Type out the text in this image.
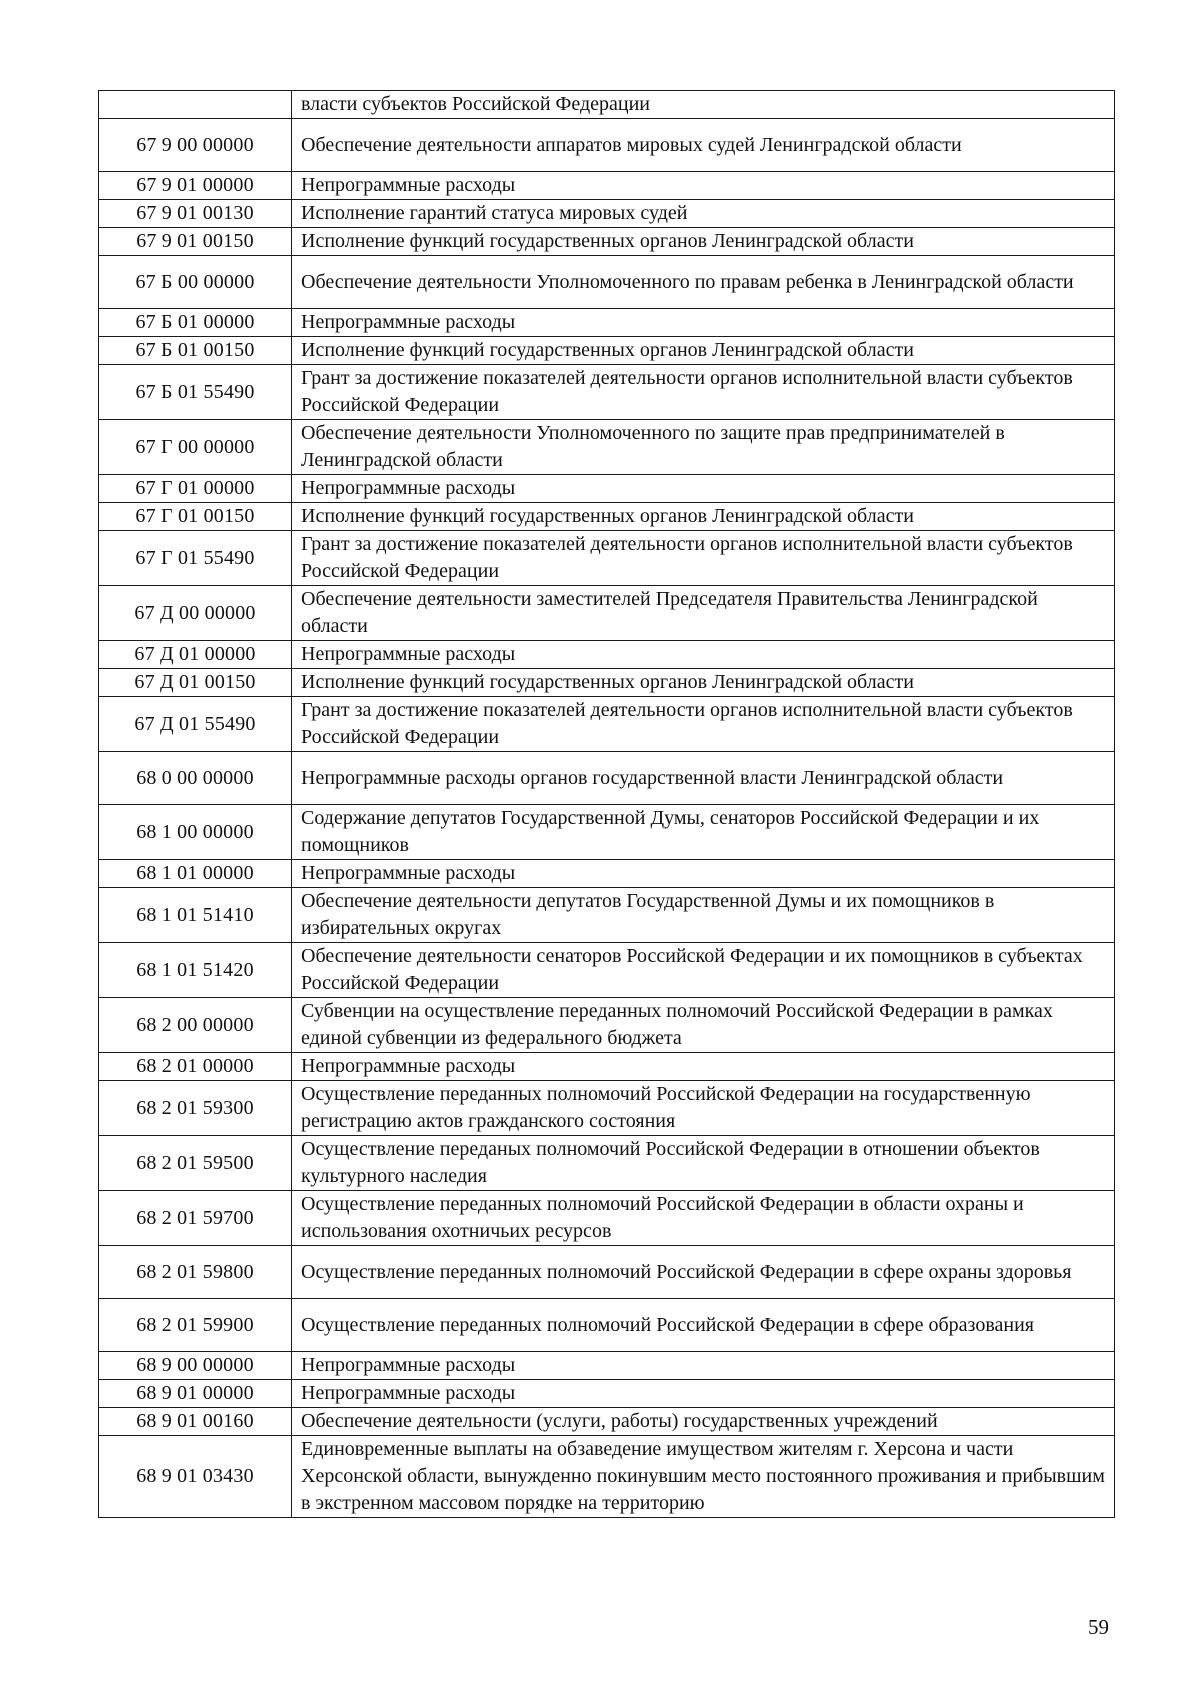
	власти субъектов Российской Федерации
67 9 00 00000	Обеспечение деятельности аппаратов мировых судей Ленинградской области
67 9 01 00000	Непрограммные расходы
67 9 01 00130	Исполнение гарантий статуса мировых судей
67 9 01 00150	Исполнение функций государственных органов Ленинградской области
67 Б 00 00000	Обеспечение деятельности Уполномоченного по правам ребенка в Ленинградской области
67 Б 01 00000	Непрограммные расходы
67 Б 01 00150	Исполнение функций государственных органов Ленинградской области
67 Б 01 55490	Грант за достижение показателей деятельности органов исполнительной власти субъектов Российской Федерации
67 Г 00 00000	Обеспечение деятельности Уполномоченного по защите прав предпринимателей в Ленинградской области
67 Г 01 00000	Непрограммные расходы
67 Г 01 00150	Исполнение функций государственных органов Ленинградской области
67 Г 01 55490	Грант за достижение показателей деятельности органов исполнительной власти субъектов Российской Федерации
67 Д 00 00000	Обеспечение деятельности заместителей Председателя Правительства Ленинградской области
67 Д 01 00000	Непрограммные расходы
67 Д 01 00150	Исполнение функций государственных органов Ленинградской области
67 Д 01 55490	Грант за достижение показателей деятельности органов исполнительной власти субъектов Российской Федерации
68 0 00 00000	Непрограммные расходы органов государственной власти Ленинградской области
68 1 00 00000	Содержание депутатов Государственной Думы, сенаторов Российской Федерации и их помощников
68 1 01 00000	Непрограммные расходы
68 1 01 51410	Обеспечение деятельности депутатов Государственной Думы и их помощников в избирательных округах
68 1 01 51420	Обеспечение деятельности сенаторов Российской Федерации и их помощников в субъектах Российской Федерации
68 2 00 00000	Субвенции на осуществление переданных полномочий Российской Федерации в рамках единой субвенции из федерального бюджета
68 2 01 00000	Непрограммные расходы
68 2 01 59300	Осуществление переданных полномочий Российской Федерации на государственную регистрацию актов гражданского состояния
68 2 01 59500	Осуществление переданых полномочий Российской Федерации в отношении объектов культурного наследия
68 2 01 59700	Осуществление переданных полномочий Российской Федерации в области охраны и использования охотничьих ресурсов
68 2 01 59800	Осуществление переданных полномочий Российской Федерации в сфере охраны здоровья
68 2 01 59900	Осуществление переданных полномочий Российской Федерации в сфере образования
68 9 00 00000	Непрограммные расходы
68 9 01 00000	Непрограммные расходы
68 9 01 00160	Обеспечение деятельности (услуги, работы) государственных учреждений
68 9 01 03430	Единовременные выплаты на обзаведение имуществом жителям г. Херсона и части Херсонской области, вынужденно покинувшим место постоянного проживания и прибывшим в экстренном массовом порядке на территорию
59
